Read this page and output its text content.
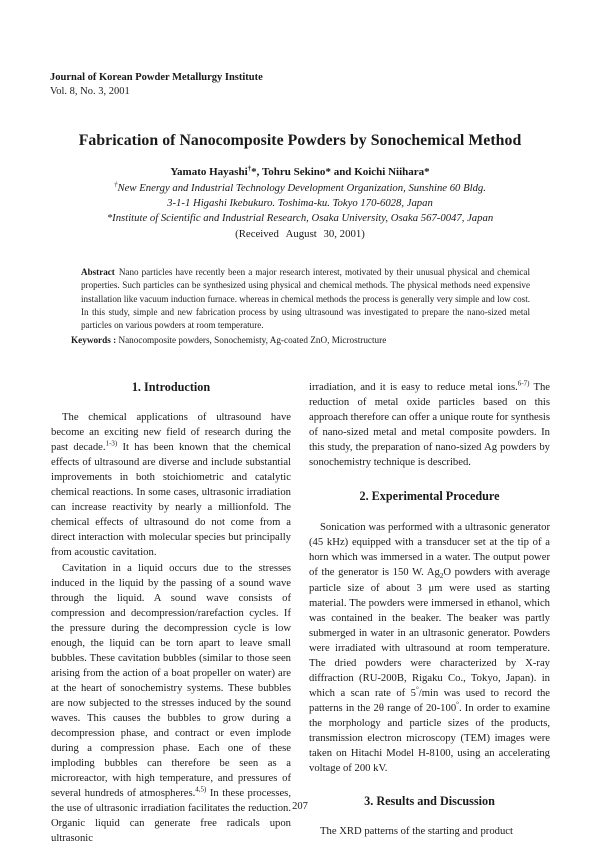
Journal of Korean Powder Metallurgy Institute
Vol. 8, No. 3, 2001
Fabrication of Nanocomposite Powders by Sonochemical Method
Yamato Hayashi†*, Tohru Sekino* and Koichi Niihara*
†New Energy and Industrial Technology Development Organization, Sunshine 60 Bldg.
3-1-1 Higashi Ikebukuro. Toshima-ku. Tokyo 170-6028, Japan
*Institute of Scientific and Industrial Research, Osaka University, Osaka 567-0047, Japan
(Received August 30, 2001)
Abstract Nano particles have recently been a major research interest, motivated by their unusual physical and chemical properties. Such particles can be synthesized using physical and chemical methods. The physical methods need expensive installation like vacuum induction furnace. whereas in chemical methods the process is generally very simple and low cost. In this study, simple and new fabrication process by using ultrasound was investigated to prepare the nano-sized metal particles on various powders at room temperature.
Keywords : Nanocomposite powders, Sonochemisty, Ag-coated ZnO, Microstructure
1. Introduction

The chemical applications of ultrasound have become an exciting new field of research during the past decade.$^{1-3)}$ It has been known that the chemical effects of ultrasound are diverse and include substantial improvements in both stoichiometric and catalytic chemical reactions. In some cases, ultrasonic irradiation can increase reactivity by nearly a millionfold. The chemical effects of ultrasound do not come from a direct interaction with molecular species but principally from acoustic cavitation.

Cavitation in a liquid occurs due to the stresses induced in the liquid by the passing of a sound wave through the liquid. A sound wave consists of compression and decompression/rarefaction cycles. If the pressure during the decompression cycle is low enough, the liquid can be torn apart to leave small bubbles. These cavitation bubbles (similar to those seen arising from the action of a boat propeller on water) are at the heart of sonochemistry systems. These bubbles are now subjected to the stresses induced by the sound waves. This causes the bubbles to grow during a decompression phase, and contract or even implode during a compression phase. Each one of these imploding bubbles can therefore be seen as a microreactor, with high temperature, and pressures of several hundreds of atmospheres.$^{4,5)}$ In these processes, the use of ultrasonic irradiation facilitates the reduction. Organic liquid can generate free radicals upon ultrasonic

irradiation, and it is easy to reduce metal ions.$^{6-7)}$ The reduction of metal oxide particles based on this approach therefore can offer a unique route for synthesis of nano-sized metal and metal composite powders. In this study, the preparation of nano-sized Ag powders by sonochemistry technique is described.

2. Experimental Procedure

Sonication was performed with a ultrasonic generator (45 kHz) equipped with a transducer set at the tip of a horn which was immersed in a water. The output power of the generator is 150 W. $Ag_2O$ powders with average particle size of about 3 μm were used as starting material. The powders were immersed in ethanol, which was contained in the beaker. The beaker was partly submerged in water in an ultrasonic generator. Powders were irradiated with ultrasound at room temperature. The dried powders were characterized by X-ray diffraction (RU-200B, Rigaku Co., Tokyo, Japan). in which a scan rate of 5°/min was used to record the patterns in the 2θ range of 20-100°. In order to examine the morphology and particle sizes of the products, transmission electron microscopy (TEM) images were taken on Hitachi Model H-8100, using an accelerating voltage of 200 kV.

3. Results and Discussion

The XRD patterns of the starting and product

207
